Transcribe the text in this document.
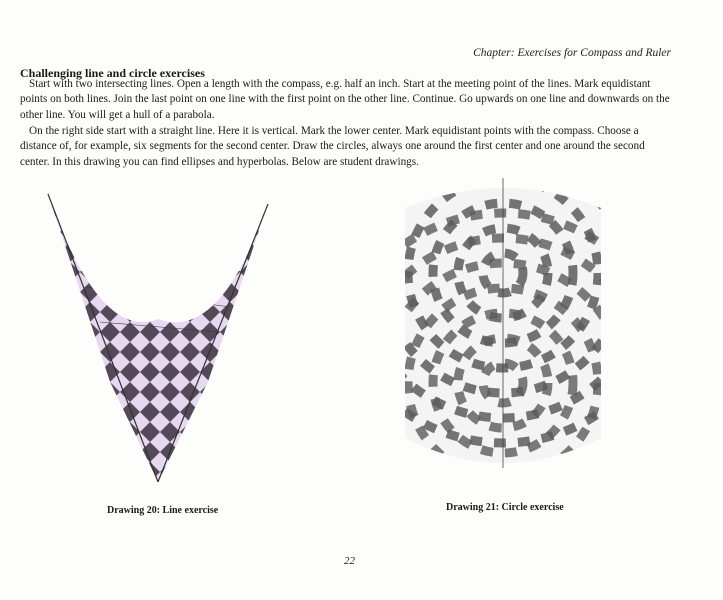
Chapter: Exercises for Compass and Ruler
Challenging line and circle exercises

Start with two intersecting lines. Open a length with the compass, e.g. half an inch. Start at the meeting point of the lines. Mark equidistant points on both lines. Join the last point on one line with the first point on the other line. Continue. Go upwards on one line and downwards on the other line. You will get a hull of a parabola.

On the right side start with a straight line. Here it is vertical. Mark the lower center. Mark equidistant points with the compass. Choose a distance of, for example, six segments for the second center. Draw the circles, always one around the first center and one around the second center. In this drawing you can find ellipses and hyperbolas. Below are student drawings.

Drawing 20: Line exercise	Drawing 21: Circle exercise
22
